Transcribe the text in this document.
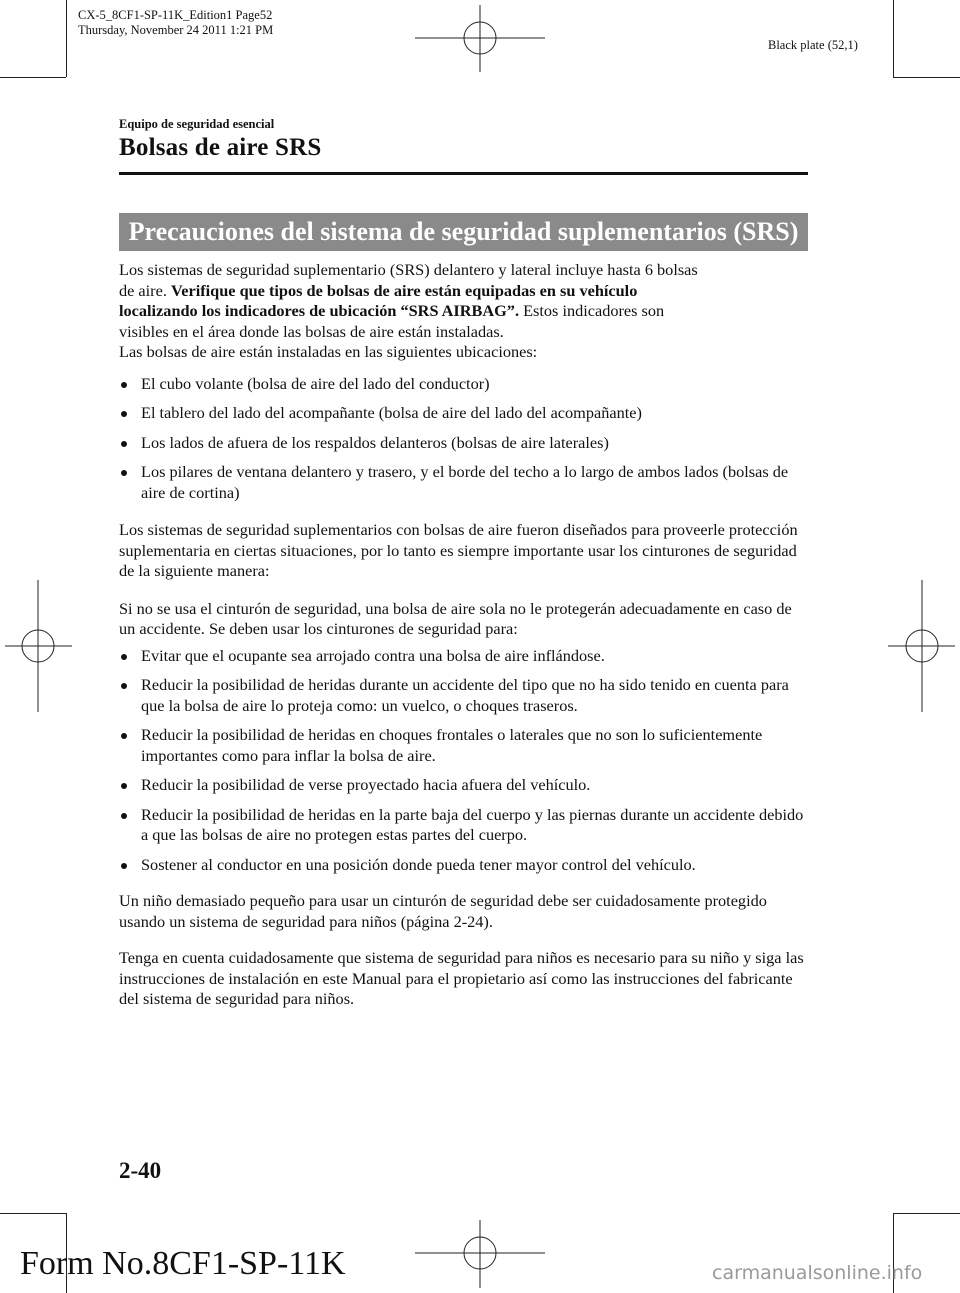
CX-5_8CF1-SP-11K_Edition1 Page52
Thursday, November 24 2011 1:21 PM
Black plate (52,1)
Equipo de seguridad esencial
Bolsas de aire SRS
Precauciones del sistema de seguridad suplementarios (SRS)

Los sistemas de seguridad suplementario (SRS) delantero y lateral incluye hasta 6 bolsas
de aire. Verifique que tipos de bolsas de aire están equipadas en su vehículo
localizando los indicadores de ubicación “SRS AIRBAG”. Estos indicadores son
visibles en el área donde las bolsas de aire están instaladas.
Las bolsas de aire están instaladas en las siguientes ubicaciones:

El cubo volante (bolsa de aire del lado del conductor)

El tablero del lado del acompañante (bolsa de aire del lado del acompañante)

Los lados de afuera de los respaldos delanteros (bolsas de aire laterales)

Los pilares de ventana delantero y trasero, y el borde del techo a lo largo de ambos lados (bolsas de aire de cortina)

Los sistemas de seguridad suplementarios con bolsas de aire fueron diseñados para proveerle protección suplementaria en ciertas situaciones, por lo tanto es siempre importante usar los cinturones de seguridad de la siguiente manera:

Si no se usa el cinturón de seguridad, una bolsa de aire sola no le protegerán adecuadamente en caso de un accidente. Se deben usar los cinturones de seguridad para:

Evitar que el ocupante sea arrojado contra una bolsa de aire inflándose.

Reducir la posibilidad de heridas durante un accidente del tipo que no ha sido tenido en cuenta para que la bolsa de aire lo proteja como: un vuelco, o choques traseros.

Reducir la posibilidad de heridas en choques frontales o laterales que no son lo suficientemente importantes como para inflar la bolsa de aire.

Reducir la posibilidad de verse proyectado hacia afuera del vehículo.

Reducir la posibilidad de heridas en la parte baja del cuerpo y las piernas durante un accidente debido a que las bolsas de aire no protegen estas partes del cuerpo.

Sostener al conductor en una posición donde pueda tener mayor control del vehículo.

Un niño demasiado pequeño para usar un cinturón de seguridad debe ser cuidadosamente protegido usando un sistema de seguridad para niños (página 2-24).

Tenga en cuenta cuidadosamente que sistema de seguridad para niños es necesario para su niño y siga las instrucciones de instalación en este Manual para el propietario así como las instrucciones del fabricante del sistema de seguridad para niños.

2-40
Form No.8CF1-SP-11K	carmanualsonline.info
